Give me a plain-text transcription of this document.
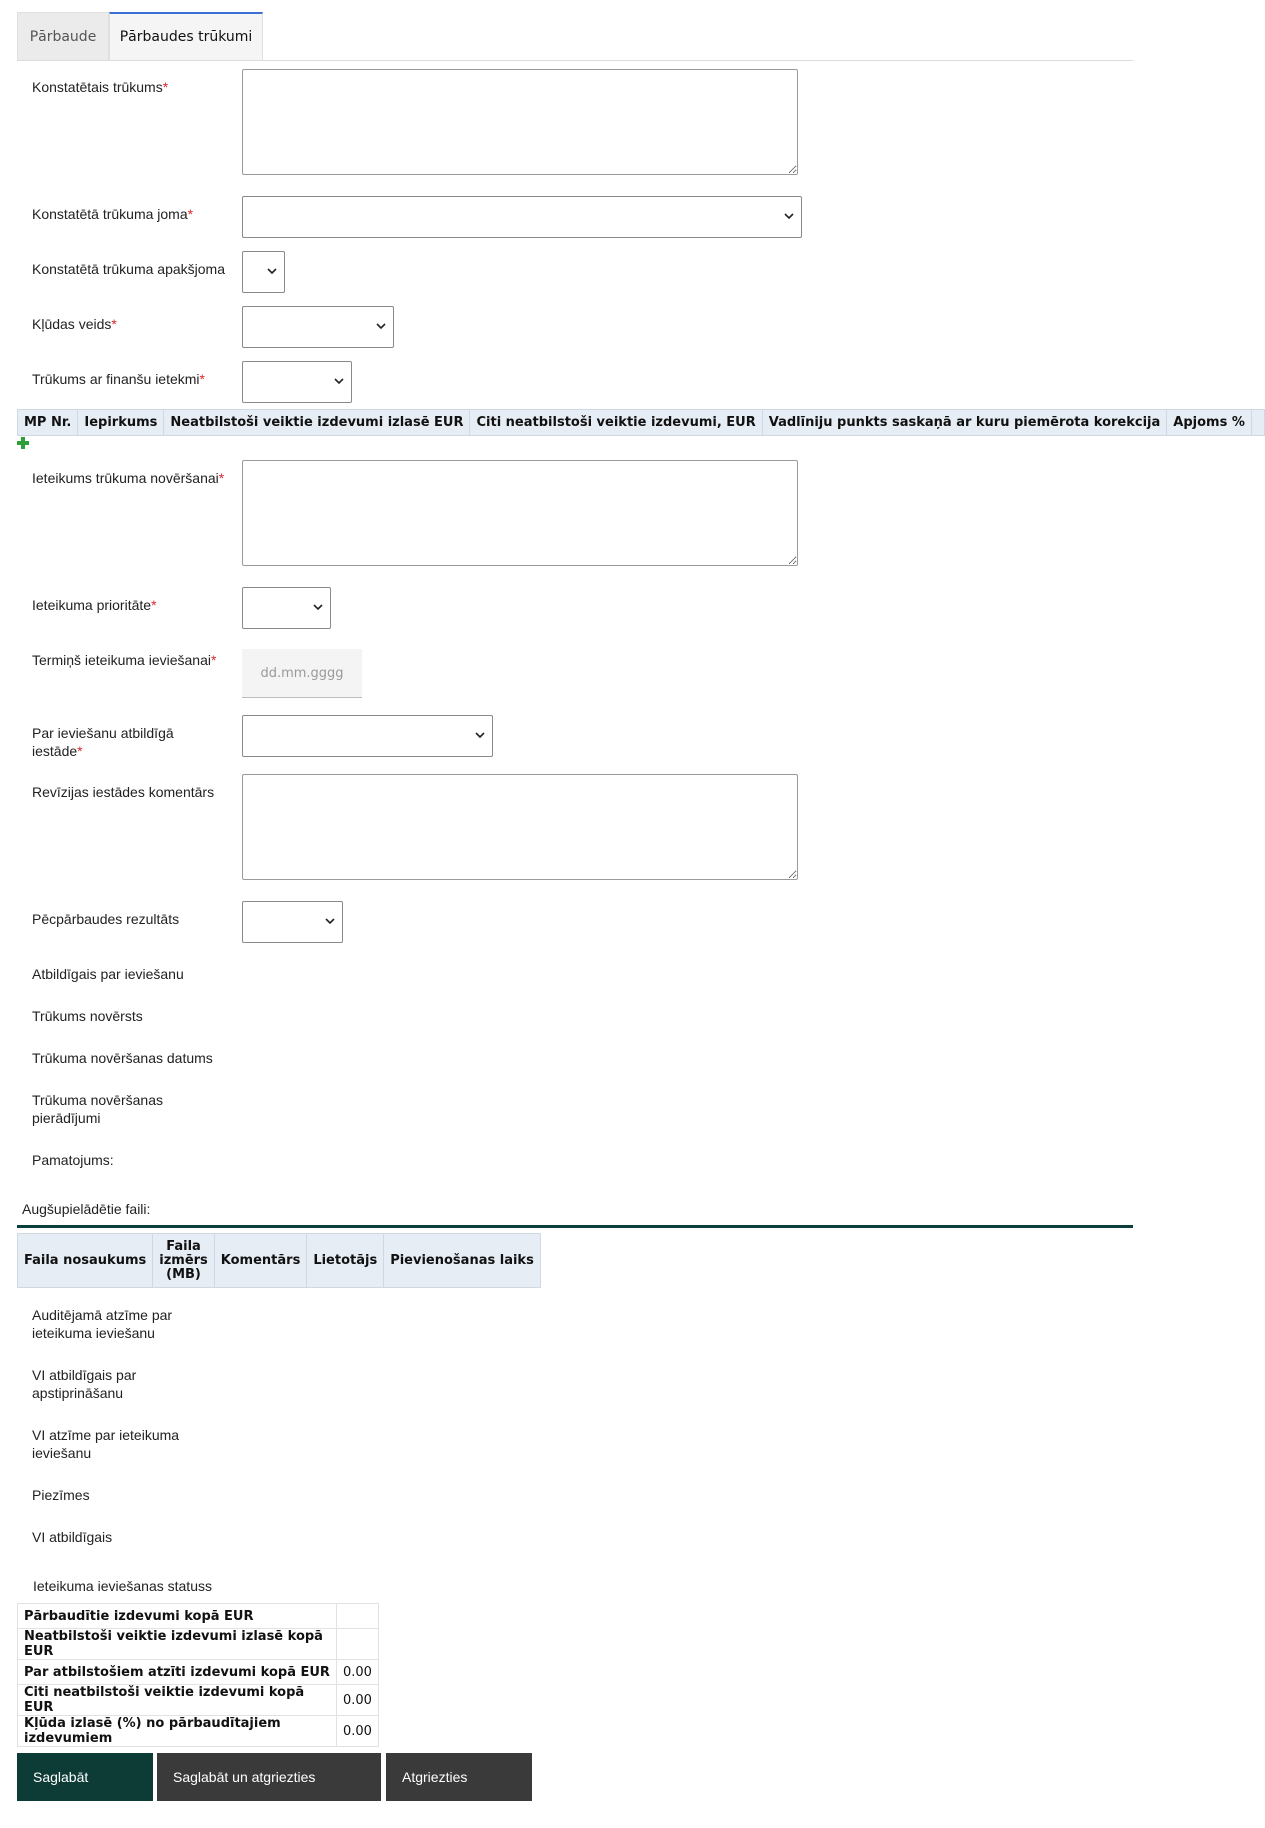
Pārbaude Pārbaudes trūkumi
Konstatētais trūkums*
Konstatētā trūkuma joma*
Konstatētā trūkuma apakšjoma
Kļūdas veids*
Trūkums ar finanšu ietekmi*
MP Nr.	Iepirkums	Neatbilstoši veiktie izdevumi izlasē EUR	Citi neatbilstoši veiktie izdevumi, EUR	Vadlīniju punkts saskaņā ar kuru piemērota korekcija	Apjoms %	
Ieteikums trūkuma novēršanai*
Ieteikuma prioritāte*
Termiņš ieteikuma ieviešanai*
dd.mm.gggg
Par ieviešanu atbildīgā iestāde*
Revīzijas iestādes komentārs
Pēcpārbaudes rezultāts
Atbildīgais par ieviešanu
Trūkums novērsts
Trūkuma novēršanas datums
Trūkuma novēršanas pierādījumi
Pamatojums:
Augšupielādētie faili:
Faila nosaukums	Faila izmērs (MB)	Komentārs	Lietotājs	Pievienošanas laiks
Auditējamā atzīme par ieteikuma ieviešanu
VI atbildīgais par apstiprināšanu
VI atzīme par ieteikuma ieviešanu
Piezīmes
VI atbildīgais
Ieteikuma ieviešanas statuss
Pārbaudītie izdevumi kopā EUR	
Neatbilstoši veiktie izdevumi izlasē kopā EUR	
Par atbilstošiem atzīti izdevumi kopā EUR	0.00
Citi neatbilstoši veiktie izdevumi kopā EUR	0.00
Kļūda izlasē (%) no pārbaudītajiem izdevumiem	0.00
Saglabāt	Saglabāt un atgriezties	Atgriezties
